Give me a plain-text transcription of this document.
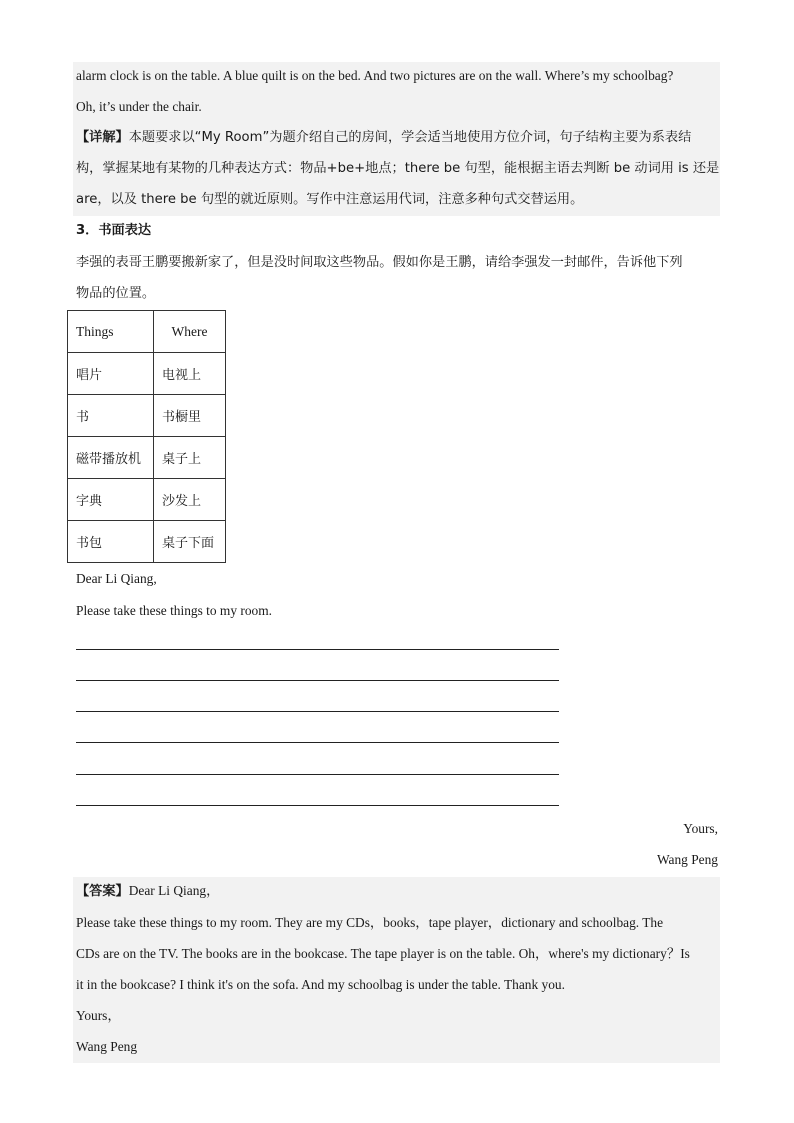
alarm clock is on the table. A blue quilt is on the bed. And two pictures are on the wall. Where’s my schoolbag?
Oh, it’s under the chair.
【详解】本题要求以“My Room”为题介绍自己的房间，学会适当地使用方位介词，句子结构主要为系表结
构，掌握某地有某物的几种表达方式：物品+be+地点；there be 句型，能根据主语去判断 be 动词用 is 还是
are，以及 there be 句型的就近原则。写作中注意运用代词，注意多种句式交替运用。
3．书面表达
李强的表哥王鹏要搬新家了，但是没时间取这些物品。假如你是王鹏，请给李强发一封邮件，告诉他下列
物品的位置。
Things	Where
唱片	电视上
书	书橱里
磁带播放机	桌子上
字典	沙发上
书包	桌子下面
Dear Li Qiang,
Please take these things to my room.
Yours,
Wang Peng
【答案】Dear Li Qiang，
Please take these things to my room. They are my CDs，books，tape player，dictionary and schoolbag. The
CDs are on the TV. The books are in the bookcase. The tape player is on the table. Oh，where's my dictionary？Is
it in the bookcase? I think it's on the sofa. And my schoolbag is under the table. Thank you.
Yours，
Wang Peng
